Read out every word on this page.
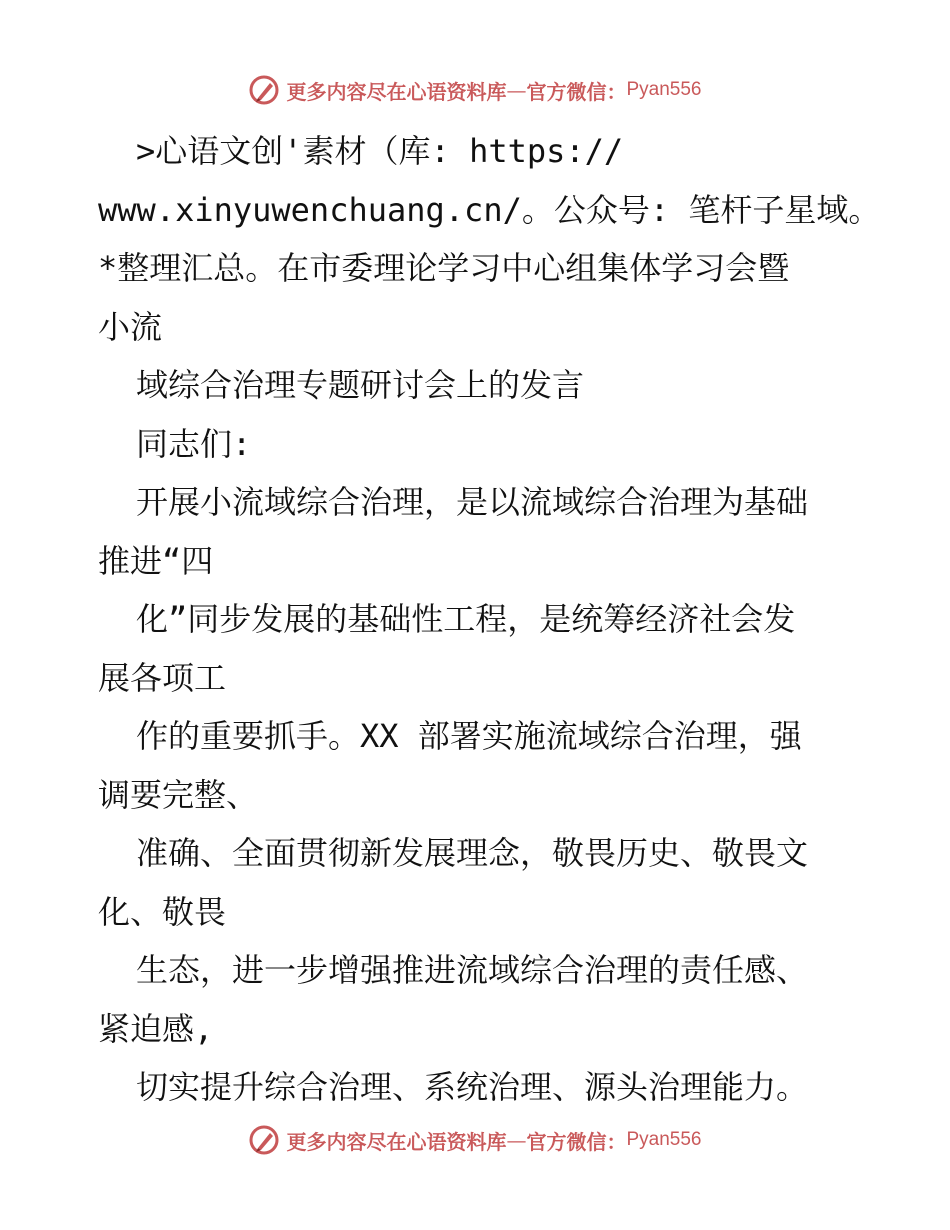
更多内容尽在心语资料库 — 官方微信： Pyan556
>心语文创'素材（库: https://
www.xinyuwenchuang.cn/。公众号: 笔杆子星域。
*整理汇总。在市委理论学习中心组集体学习会暨
小流
域综合治理专题研讨会上的发言
同志们:
开展小流域综合治理，是以流域综合治理为基础
推进“四
化”同步发展的基础性工程，是统筹经济社会发
展各项工
作的重要抓手。XX 部署实施流域综合治理，强
调要完整、
准确、全面贯彻新发展理念，敬畏历史、敬畏文
化、敬畏
生态，进一步增强推进流域综合治理的责任感、
紧迫感,
切实提升综合治理、系统治理、源头治理能力。
更多内容尽在心语资料库 — 官方微信： Pyan556
